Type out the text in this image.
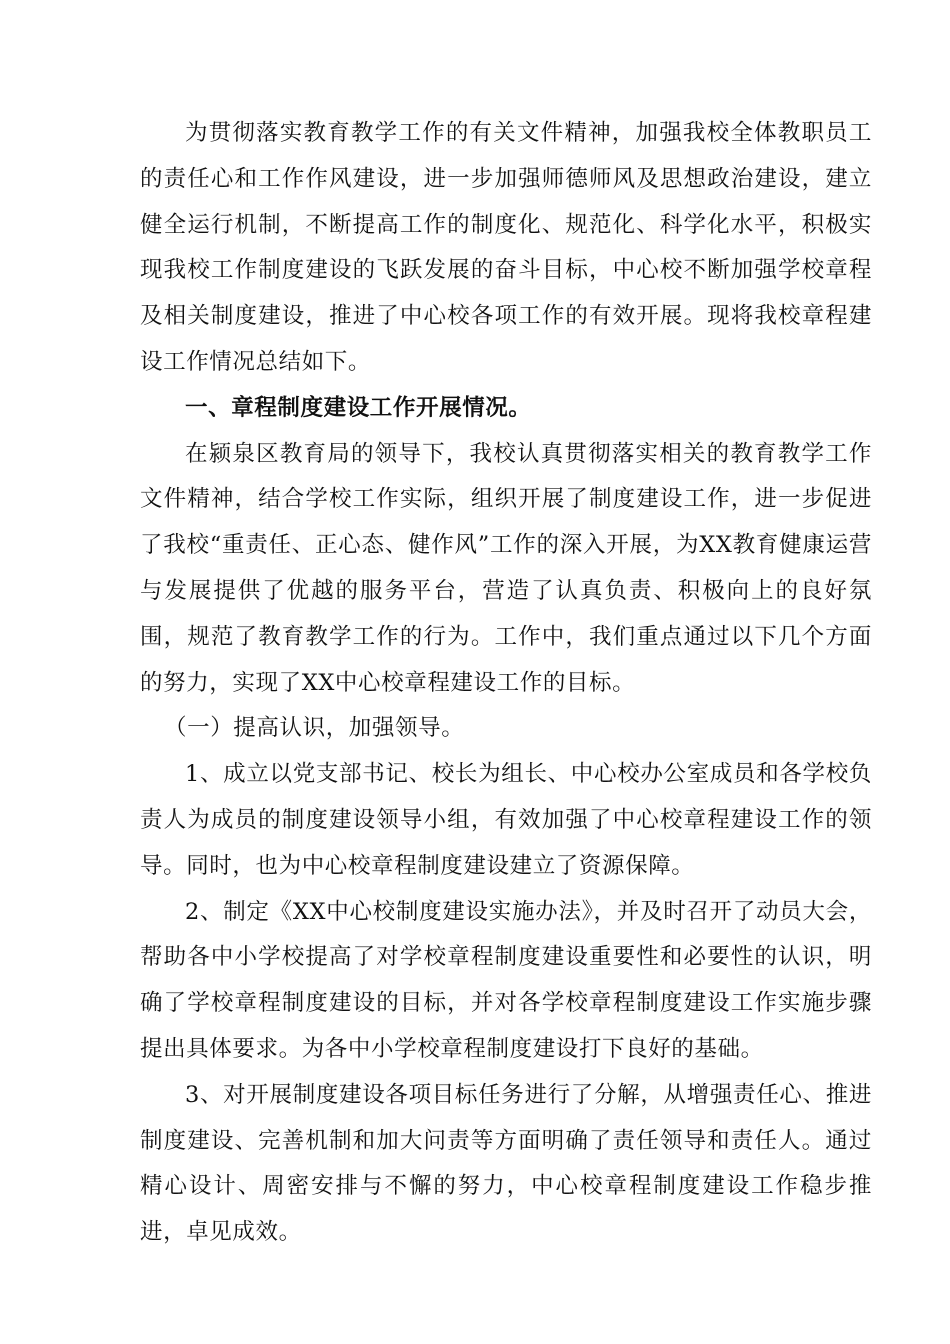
为贯彻落实教育教学工作的有关文件精神，加强我校全体教职员工的责任心和工作作风建设，进一步加强师德师风及思想政治建设，建立健全运行机制，不断提高工作的制度化、规范化、科学化水平，积极实现我校工作制度建设的飞跃发展的奋斗目标，中心校不断加强学校章程及相关制度建设，推进了中心校各项工作的有效开展。现将我校章程建设工作情况总结如下。

一、章程制度建设工作开展情况。

在颍泉区教育局的领导下，我校认真贯彻落实相关的教育教学工作文件精神，结合学校工作实际，组织开展了制度建设工作，进一步促进了我校“重责任、正心态、健作风”工作的深入开展，为XX教育健康运营与发展提供了优越的服务平台，营造了认真负责、积极向上的良好氛围，规范了教育教学工作的行为。工作中，我们重点通过以下几个方面的努力，实现了XX中心校章程建设工作的目标。

（一）提高认识，加强领导。

1、成立以党支部书记、校长为组长、中心校办公室成员和各学校负责人为成员的制度建设领导小组，有效加强了中心校章程建设工作的领导。同时，也为中心校章程制度建设建立了资源保障。

2、制定《XX中心校制度建设实施办法》，并及时召开了动员大会，帮助各中小学校提高了对学校章程制度建设重要性和必要性的认识，明确了学校章程制度建设的目标，并对各学校章程制度建设工作实施步骤提出具体要求。为各中小学校章程制度建设打下良好的基础。

3、对开展制度建设各项目标任务进行了分解，从增强责任心、推进制度建设、完善机制和加大问责等方面明确了责任领导和责任人。通过精心设计、周密安排与不懈的努力，中心校章程制度建设工作稳步推进，卓见成效。
